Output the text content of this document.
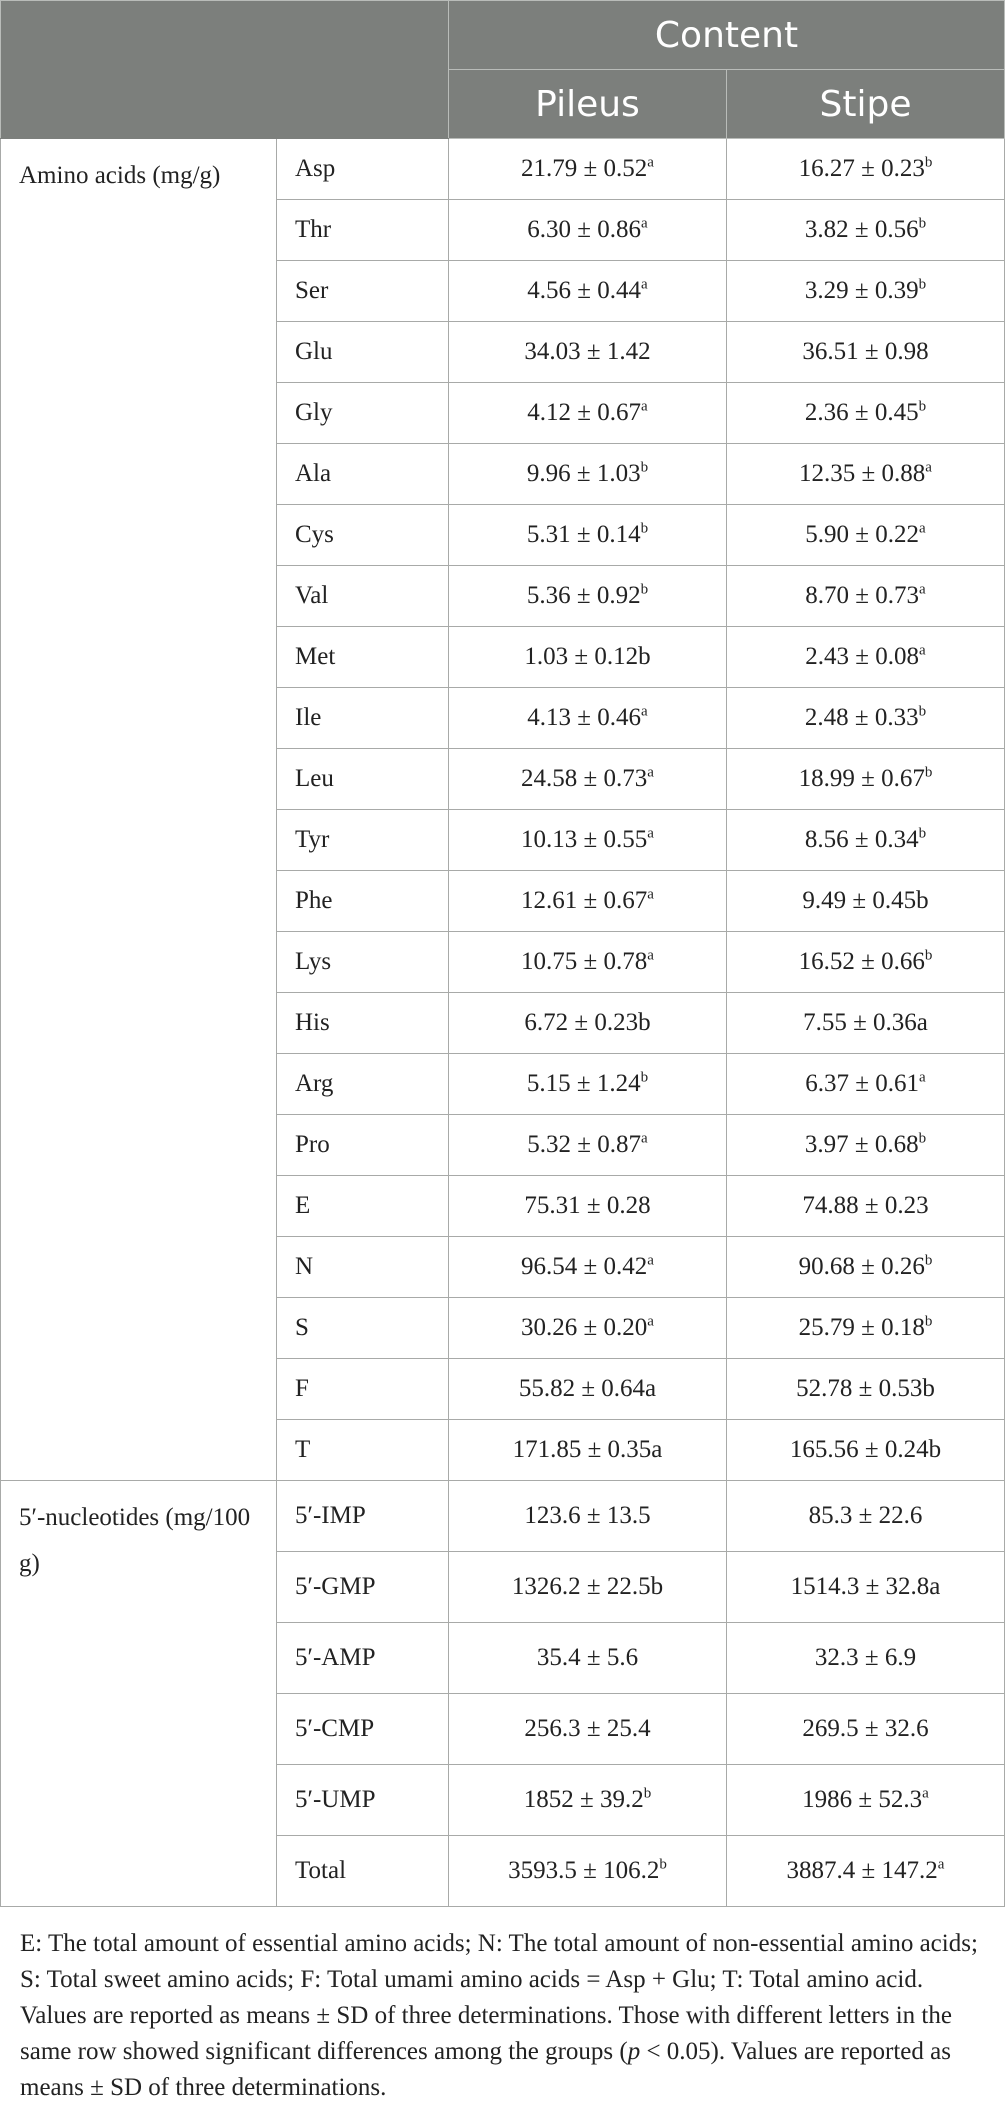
		Content	
		Pileus	Stipe
Amino acids (mg/g)	Asp	21.79 ± 0.52$^a$	16.27 ± 0.23$^b$
	Thr	6.30 ± 0.86$^a$	3.82 ± 0.56$^b$
	Ser	4.56 ± 0.44$^a$	3.29 ± 0.39$^b$
	Glu	34.03 ± 1.42	36.51 ± 0.98
	Gly	4.12 ± 0.67$^a$	2.36 ± 0.45$^b$
	Ala	9.96 ± 1.03$^b$	12.35 ± 0.88$^a$
	Cys	5.31 ± 0.14$^b$	5.90 ± 0.22$^a$
	Val	5.36 ± 0.92$^b$	8.70 ± 0.73$^a$
	Met	1.03 ± 0.12b	2.43 ± 0.08$^a$
	Ile	4.13 ± 0.46$^a$	2.48 ± 0.33$^b$
	Leu	24.58 ± 0.73$^a$	18.99 ± 0.67$^b$
	Tyr	10.13 ± 0.55$^a$	8.56 ± 0.34$^b$
	Phe	12.61 ± 0.67$^a$	9.49 ± 0.45b
	Lys	10.75 ± 0.78$^a$	16.52 ± 0.66$^b$
	His	6.72 ± 0.23b	7.55 ± 0.36a
	Arg	5.15 ± 1.24$^b$	6.37 ± 0.61$^a$
	Pro	5.32 ± 0.87$^a$	3.97 ± 0.68$^b$
	E	75.31 ± 0.28	74.88 ± 0.23
	N	96.54 ± 0.42$^a$	90.68 ± 0.26$^b$
	S	30.26 ± 0.20$^a$	25.79 ± 0.18$^b$
	F	55.82 ± 0.64a	52.78 ± 0.53b
	T	171.85 ± 0.35a	165.56 ± 0.24b
5′-nucleotides (mg/100 g)	5′-IMP	123.6 ± 13.5	85.3 ± 22.6
	5′-GMP	1326.2 ± 22.5b	1514.3 ± 32.8a
	5′-AMP	35.4 ± 5.6	32.3 ± 6.9
	5′-CMP	256.3 ± 25.4	269.5 ± 32.6
	5′-UMP	1852 ± 39.2$^b$	1986 ± 52.3$^a$
	Total	3593.5 ± 106.2$^b$	3887.4 ± 147.2$^a$
E: The total amount of essential amino acids; N: The total amount of non-essential amino acids; S: Total sweet amino acids; F: Total umami amino acids = Asp + Glu; T: Total amino acid. Values are reported as means ± SD of three determinations. Those with different letters in the same row showed significant differences among the groups (p < 0.05). Values are reported as means ± SD of three determinations.
